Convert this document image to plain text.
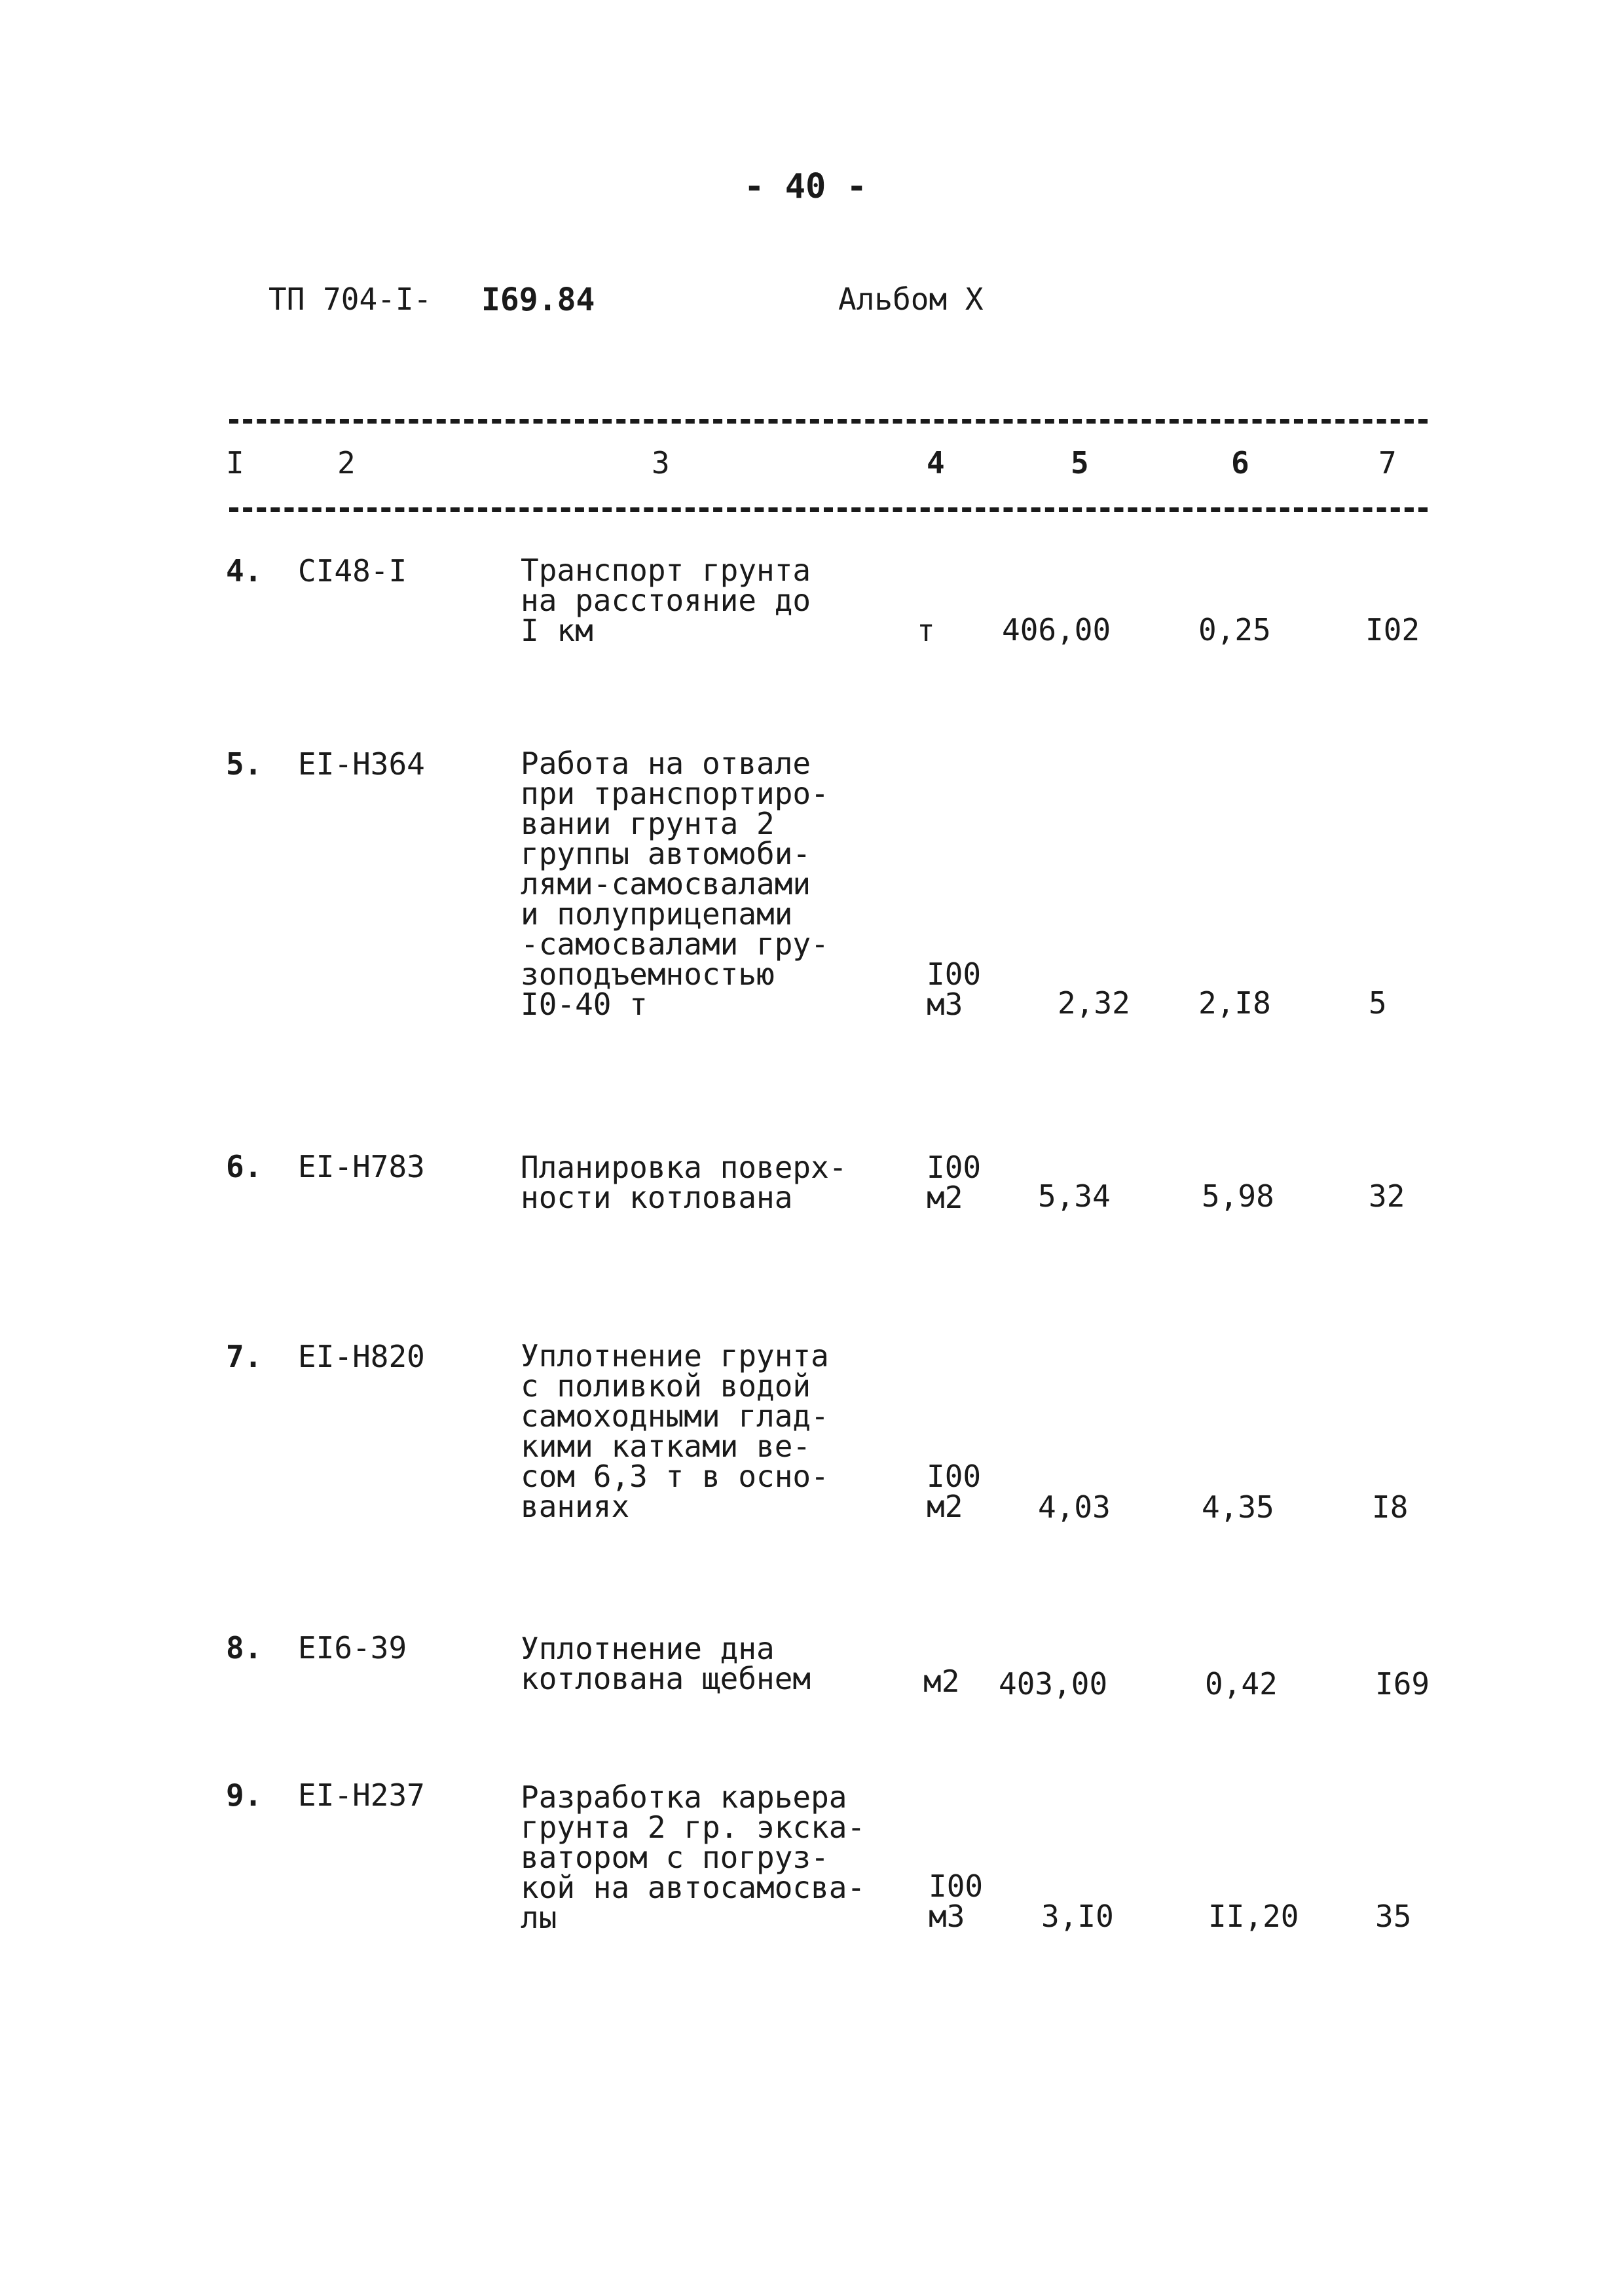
- 40 -
ТП 704-I- I69.84	Альбом X
I	2	3	4	5	6	7
4. CI48-I	Транспорт грунта
на расстояние до
I км	т 406,00	0,25	I02
5. EI-H364	Работа на отвале
при транспортиро-
вании грунта 2
группы автомоби-
лями-самосвалами
и полуприцепами
-самосвалами гру-
зоподъемностью
I0-40 т
I00
м3	2,32 2,I8	5
6. EI-H783	Планировка поверх-
ности котлована
I00
м2	5,34	5,98	32
7. EI-H820	Уплотнение грунта
с поливкой водой
самоходными глад-
кими катками ве-
сом 6,3 т в осно-
ваниях
I00
м2	4,03	4,35	I8
8. EI6-39	Уплотнение дна
котлована щебнем	м2 403,00	0,42	I69
9. EI-H237	Разработка карьера
грунта 2 гр. экска-
ватором с погруз-
кой на автосамосва-
лы
I00
м3	3,I0	II,20	35
